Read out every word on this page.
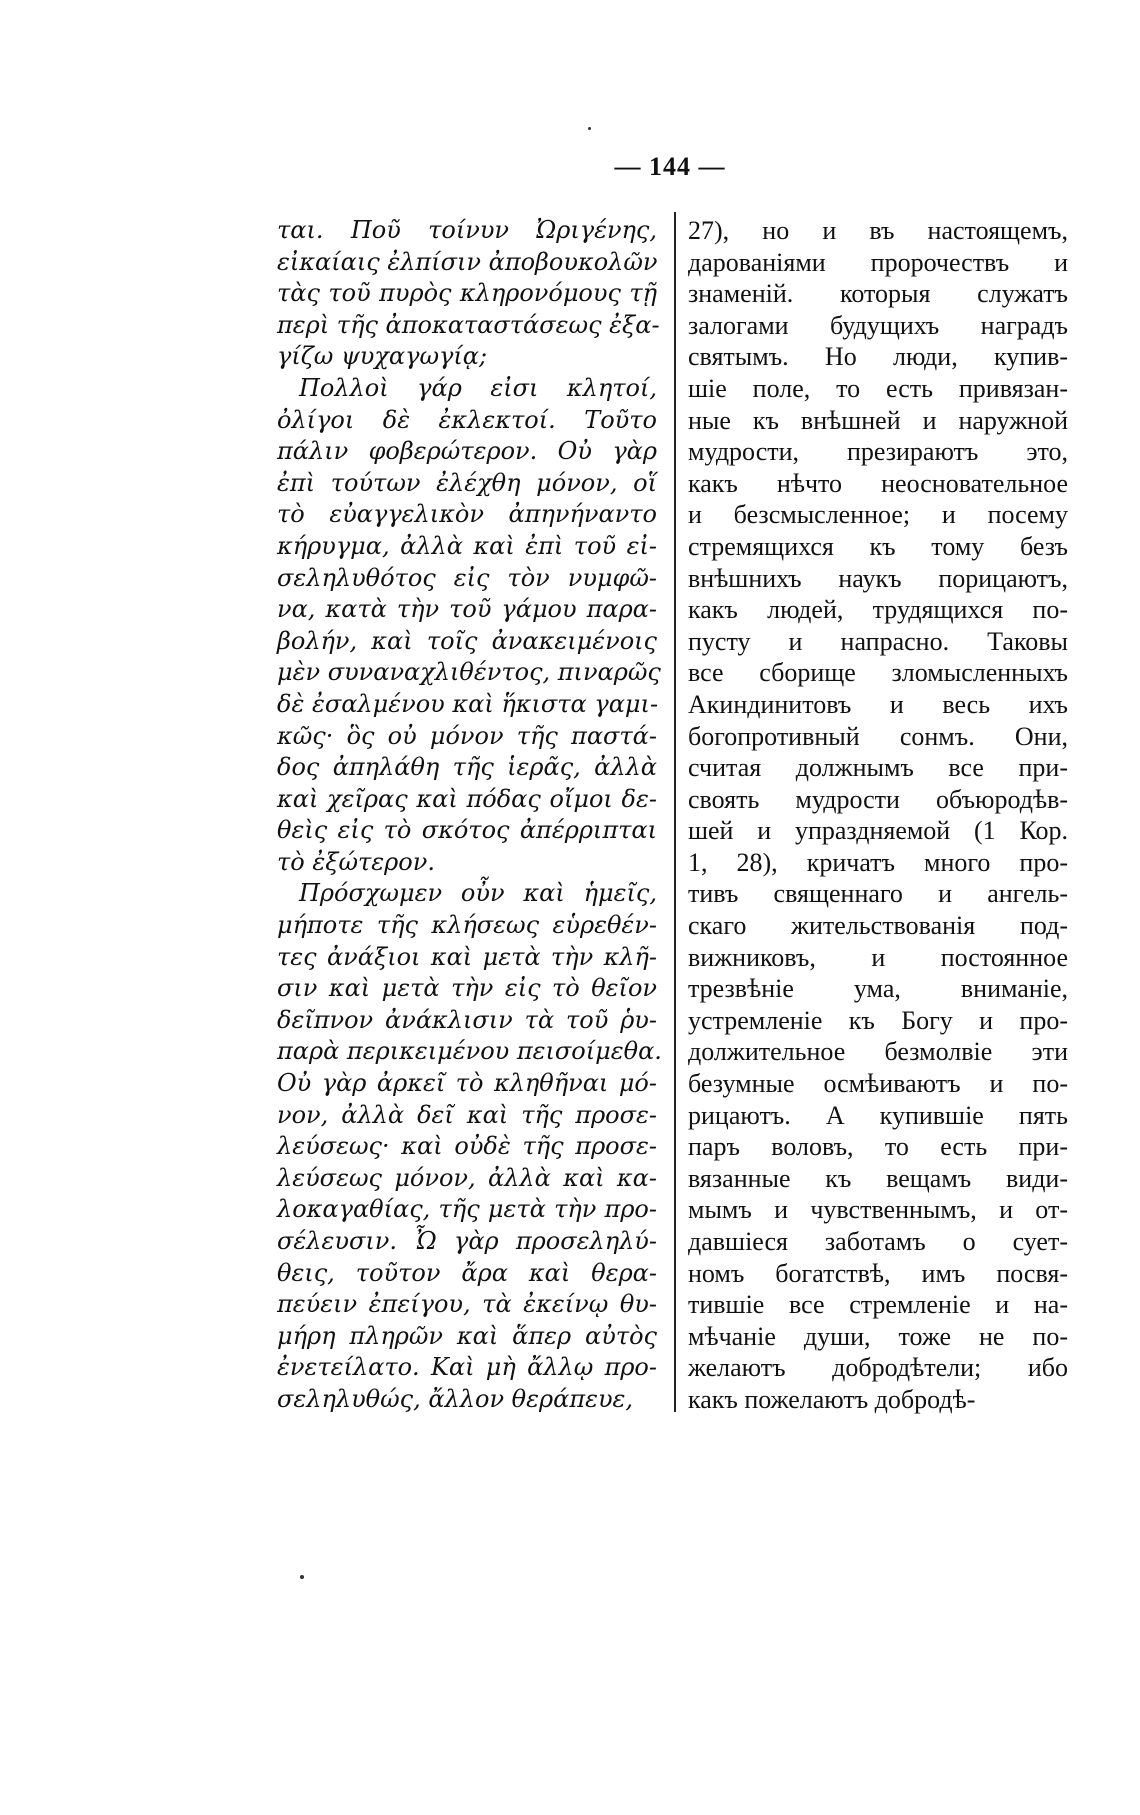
— 144 —
ται. Ποῦ τοίνυν Ὠριγένης,
εἰκαίαις ἐλπίσιν ἀποβουκολῶν
τὰς τοῦ πυρὸς κληρονόμους τῇ
περὶ τῆς ἀποκαταστάσεως ἐξα-
γίζω ψυχαγωγίᾳ;
Πολλοὶ γάρ εἰσι κλητοί,
ὀλίγοι δὲ ἐκλεκτοί. Τοῦτο
πάλιν φοβερώτερον. Οὐ γὰρ
ἐπὶ τούτων ἐλέχθη μόνον, οἵ
τὸ εὐαγγελικὸν ἀπηνήναντο
κήρυγμα, ἀλλὰ καὶ ἐπὶ τοῦ εἰ-
σεληλυθότος εἰς τὸν νυμφῶ-
να, κατὰ τὴν τοῦ γάμου παρα-
βολήν, καὶ τοῖς ἀνακειμένοις
μὲν συναναχλιθέντος, πιναρῶς
δὲ ἐσαλμένου καὶ ἥκιστα γαμι-
κῶς· ὃς οὐ μόνον τῆς παστά-
δος ἀπηλάθη τῆς ἱερᾶς, ἀλλὰ
καὶ χεῖρας καὶ πόδας οἴμοι δε-
θεὶς εἰς τὸ σκότος ἀπέρριπται
τὸ ἐξώτερον.
Πρόσχωμεν οὖν καὶ ἡμεῖς,
μήποτε τῆς κλήσεως εὑρεθέν-
τες ἀνάξιοι καὶ μετὰ τὴν κλῆ-
σιν καὶ μετὰ τὴν εἰς τὸ θεῖον
δεῖπνον ἀνάκλισιν τὰ τοῦ ῥυ-
παρὰ περικειμένου πεισοίμεθα.
Οὐ γὰρ ἀρκεῖ τὸ κληθῆναι μό-
νον, ἀλλὰ δεῖ καὶ τῆς προσε-
λεύσεως· καὶ οὐδὲ τῆς προσε-
λεύσεως μόνον, ἀλλὰ καὶ κα-
λοκαγαθίας, τῆς μετὰ τὴν προ-
σέλευσιν. Ὦ γὰρ προσεληλύ-
θεις, τοῦτον ἄρα καὶ θερα-
πεύειν ἐπείγου, τὰ ἐκείνῳ θυ-
μήρη πληρῶν καὶ ἅπερ αὐτὸς
ἐνετείλατο. Καὶ μὴ ἄλλῳ προ-
σεληλυθώς, ἄλλον θεράπευε,
27), но и въ настоящемъ,
дарованіями пророчествъ и
знаменій. которыя служатъ
залогами будущихъ наградъ
святымъ. Но люди, купив-
шіе поле, то есть привязан-
ные къ внѣшней и наружной
мудрости, презираютъ это,
какъ нѣчто неосновательное
и безсмысленное; и посему
стремящихся къ тому безъ
внѣшнихъ наукъ порицаютъ,
какъ людей, трудящихся по-
пусту и напрасно. Таковы
все сборище зломысленныхъ
Акиндинитовъ и весь ихъ
богопротивный сонмъ. Они,
считая должнымъ все при-
своять мудрости объюродѣв-
шей и упраздняемой (1 Кор.
1, 28), кричатъ много про-
тивъ священнаго и ангель-
скаго жительствованія под-
вижниковъ, и постоянное
трезвѣніе ума, вниманіе,
устремленіе къ Богу и про-
должительное безмолвіе эти
безумные осмѣиваютъ и по-
рицаютъ. А купившіе пять
паръ воловъ, то есть при-
вязанные къ вещамъ види-
мымъ и чувственнымъ, и от-
давшіеся заботамъ о сует-
номъ богатствѣ, имъ посвя-
тившіе все стремленіе и на-
мѣчаніе души, тоже не по-
желаютъ добродѣтели; ибо
какъ пожелаютъ добродѣ-
